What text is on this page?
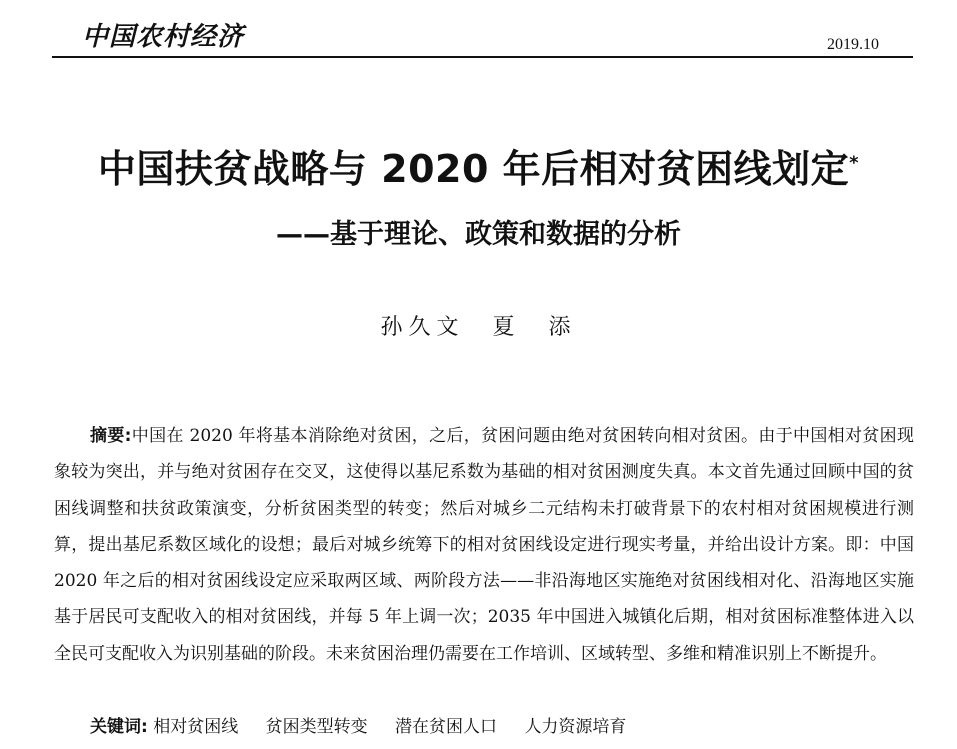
中国农村经济	2019.10
中国扶贫战略与 2020 年后相对贫困线划定*
——基于理论、政策和数据的分析
孙久文　夏　添
摘要:中国在 2020 年将基本消除绝对贫困，之后，贫困问题由绝对贫困转向相对贫困。由于中国相对贫困现象较为突出，并与绝对贫困存在交叉，这使得以基尼系数为基础的相对贫困测度失真。本文首先通过回顾中国的贫困线调整和扶贫政策演变，分析贫困类型的转变；然后对城乡二元结构未打破背景下的农村相对贫困规模进行测算，提出基尼系数区域化的设想；最后对城乡统筹下的相对贫困线设定进行现实考量，并给出设计方案。即：中国 2020 年之后的相对贫困线设定应采取两区域、两阶段方法——非沿海地区实施绝对贫困线相对化、沿海地区实施基于居民可支配收入的相对贫困线，并每 5 年上调一次；2035 年中国进入城镇化后期，相对贫困标准整体进入以全民可支配收入为识别基础的阶段。未来贫困治理仍需要在工作培训、区域转型、多维和精准识别上不断提升。
关键词: 相对贫困线 贫困类型转变 潜在贫困人口 人力资源培育
